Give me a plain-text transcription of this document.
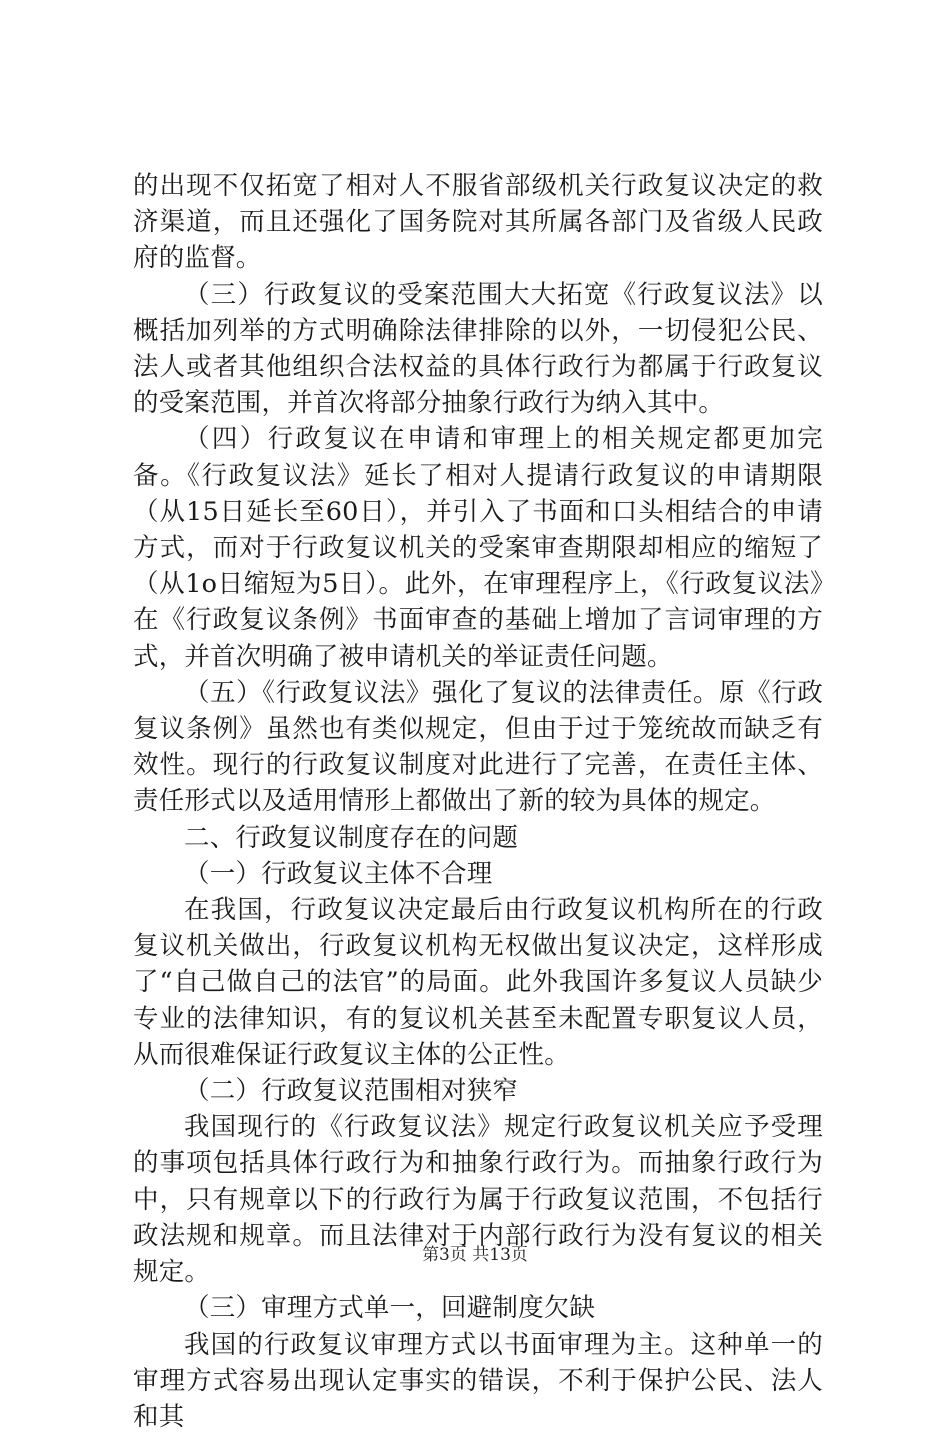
的出现不仅拓宽了相对人不服省部级机关行政复议决定的救济渠道，而且还强化了国务院对其所属各部门及省级人民政府的监督。

（三）行政复议的受案范围大大拓宽《行政复议法》以概括加列举的方式明确除法律排除的以外，一切侵犯公民、法人或者其他组织合法权益的具体行政行为都属于行政复议的受案范围，并首次将部分抽象行政行为纳入其中。

（四）行政复议在申请和审理上的相关规定都更加完备。《行政复议法》延长了相对人提请行政复议的申请期限（从15日延长至60日），并引入了书面和口头相结合的申请方式，而对于行政复议机关的受案审查期限却相应的缩短了（从1o日缩短为5日）。此外，在审理程序上，《行政复议法》在《行政复议条例》书面审查的基础上增加了言词审理的方式，并首次明确了被申请机关的举证责任问题。

（五）《行政复议法》强化了复议的法律责任。原《行政复议条例》虽然也有类似规定，但由于过于笼统故而缺乏有效性。现行的行政复议制度对此进行了完善，在责任主体、责任形式以及适用情形上都做出了新的较为具体的规定。

二、行政复议制度存在的问题

（一）行政复议主体不合理

在我国，行政复议决定最后由行政复议机构所在的行政复议机关做出，行政复议机构无权做出复议决定，这样形成了“自己做自己的法官”的局面。此外我国许多复议人员缺少专业的法律知识，有的复议机关甚至未配置专职复议人员，从而很难保证行政复议主体的公正性。

（二）行政复议范围相对狭窄

我国现行的《行政复议法》规定行政复议机关应予受理的事项包括具体行政行为和抽象行政行为。而抽象行政行为中，只有规章以下的行政行为属于行政复议范围，不包括行政法规和规章。而且法律对于内部行政行为没有复议的相关规定。

（三）审理方式单一，回避制度欠缺

我国的行政复议审理方式以书面审理为主。这种单一的审理方式容易出现认定事实的错误，不利于保护公民、法人和其

第3页 共13页
